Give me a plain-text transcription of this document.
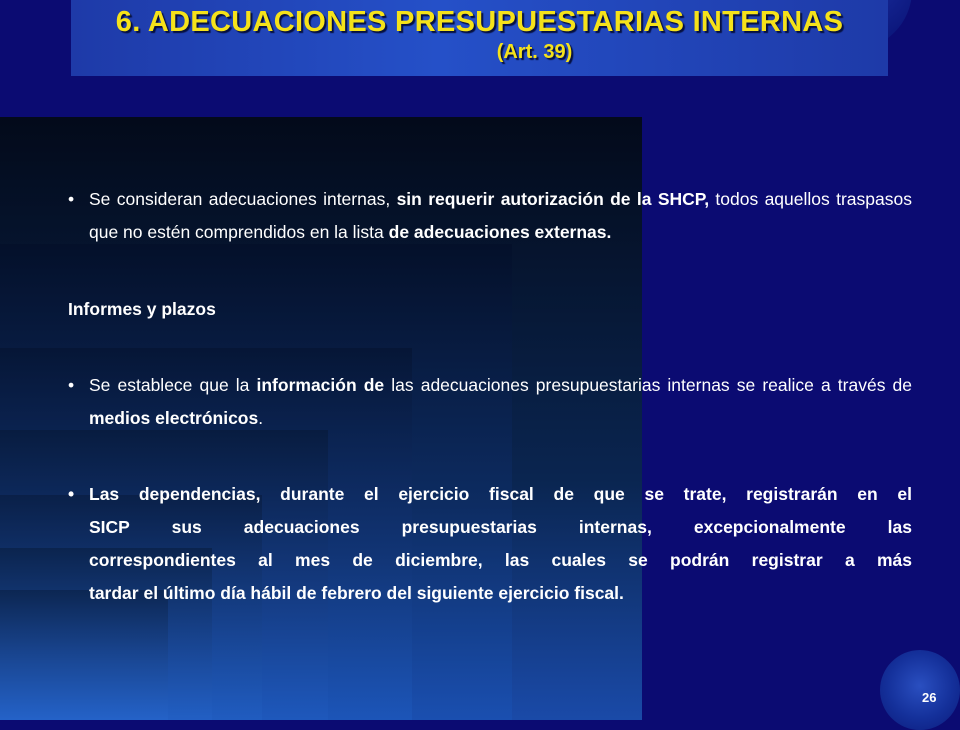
6. ADECUACIONES PRESUPUESTARIAS INTERNAS
(Art. 39)
• Se consideran adecuaciones internas, sin requerir autorización de la SHCP, todos aquellos traspasos que no estén comprendidos en la lista de adecuaciones externas.
Informes y plazos
• Se establece que la información de las adecuaciones presupuestarias internas se realice a través de medios electrónicos.
• Las dependencias, durante el ejercicio fiscal de que se trate, registrarán en el
SICP sus adecuaciones presupuestarias internas, excepcionalmente las
correspondientes al mes de diciembre, las cuales se podrán registrar a más
tardar el último día hábil de febrero del siguiente ejercicio fiscal.
26
